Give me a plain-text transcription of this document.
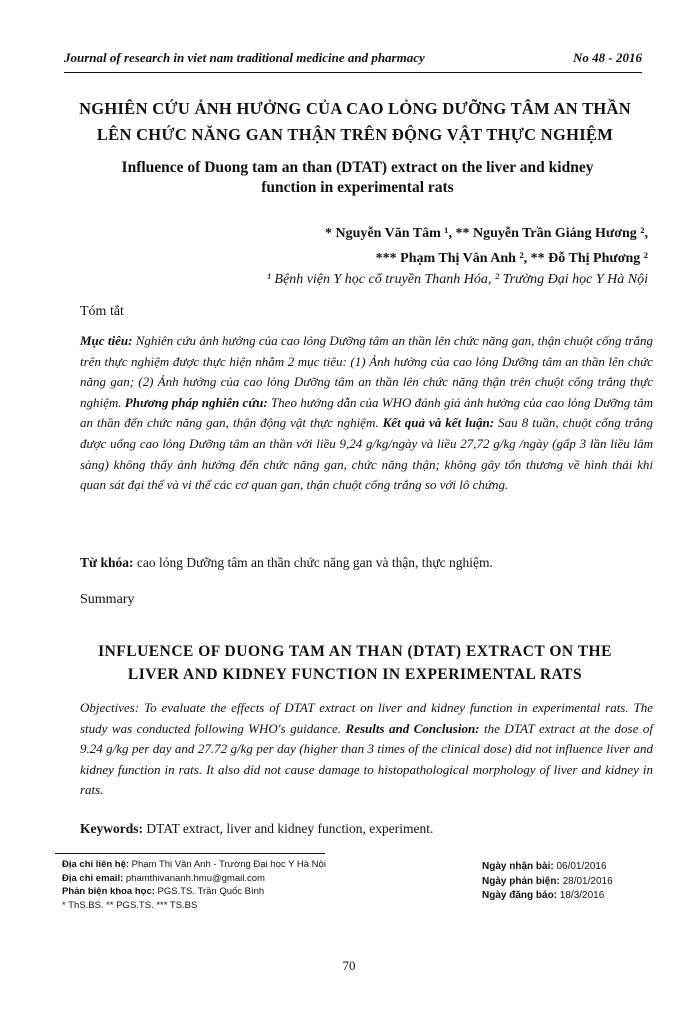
Journal of research in viet nam traditional medicine and pharmacy	No 48 - 2016
NGHIÊN CỨU ẢNH HƯỞNG CỦA CAO LỎNG DƯỠNG TÂM AN THẦN
LÊN CHỨC NĂNG GAN THẬN TRÊN ĐỘNG VẬT THỰC NGHIỆM
Influence of Duong tam an than (DTAT) extract on the liver and kidney
function in experimental rats
* Nguyễn Văn Tâm ¹, ** Nguyễn Trần Giáng Hương ²,
*** Phạm Thị Vân Anh ², ** Đỗ Thị Phương ²
¹ Bệnh viện Y học cổ truyền Thanh Hóa, ² Trường Đại học Y Hà Nội
Tóm tắt
Mục tiêu: Nghiên cứu ảnh hưởng của cao lỏng Dưỡng tâm an thần lên chức năng gan, thận chuột cống trắng trên thực nghiệm được thực hiện nhằm 2 mục tiêu: (1) Ảnh hưởng của cao lỏng Dưỡng tâm an thần lên chức năng gan; (2) Ảnh hưởng của cao lỏng Dưỡng tâm an thần lên chức năng thận trên chuột cống trắng thực nghiệm. Phương pháp nghiên cứu: Theo hướng dẫn của WHO đánh giá ảnh hưởng của cao lỏng Dưỡng tâm an thần đến chức năng gan, thận động vật thực nghiệm. Kết quả và kết luận: Sau 8 tuần, chuột cống trắng được uống cao lỏng Dưỡng tâm an thần với liều 9,24 g/kg/ngày và liều 27,72 g/kg /ngày (gấp 3 lần liều lâm sàng) không thấy ảnh hưởng đến chức năng gan, chức năng thận; không gây tổn thương về hình thái khi quan sát đại thể và vi thể các cơ quan gan, thận chuột cống trắng so với lô chứng.
Từ khóa: cao lỏng Dưỡng tâm an thần chức năng gan và thận, thực nghiệm.
Summary
INFLUENCE OF DUONG TAM AN THAN (DTAT) EXTRACT ON THE
LIVER AND KIDNEY FUNCTION IN EXPERIMENTAL RATS
Objectives: To evaluate the effects of DTAT extract on liver and kidney function in experimental rats. The study was conducted following WHO's guidance. Results and Conclusion: the DTAT extract at the dose of 9.24 g/kg per day and 27.72 g/kg per day (higher than 3 times of the clinical dose) did not influence liver and kidney function in rats. It also did not cause damage to histopathological morphology of liver and kidney in rats.
Keywords: DTAT extract, liver and kidney function, experiment.
Địa chỉ liên hệ: Phạm Thị Vân Anh - Trường Đại học Y Hà Nội
Địa chỉ email: phamthivananh.hmu@gmail.com
Phản biện khoa học: PGS.TS. Trần Quốc Bình
* ThS.BS. ** PGS.TS. *** TS.BS
Ngày nhận bài: 06/01/2016
Ngày phản biện: 28/01/2016
Ngày đăng báo: 18/3/2016
70
